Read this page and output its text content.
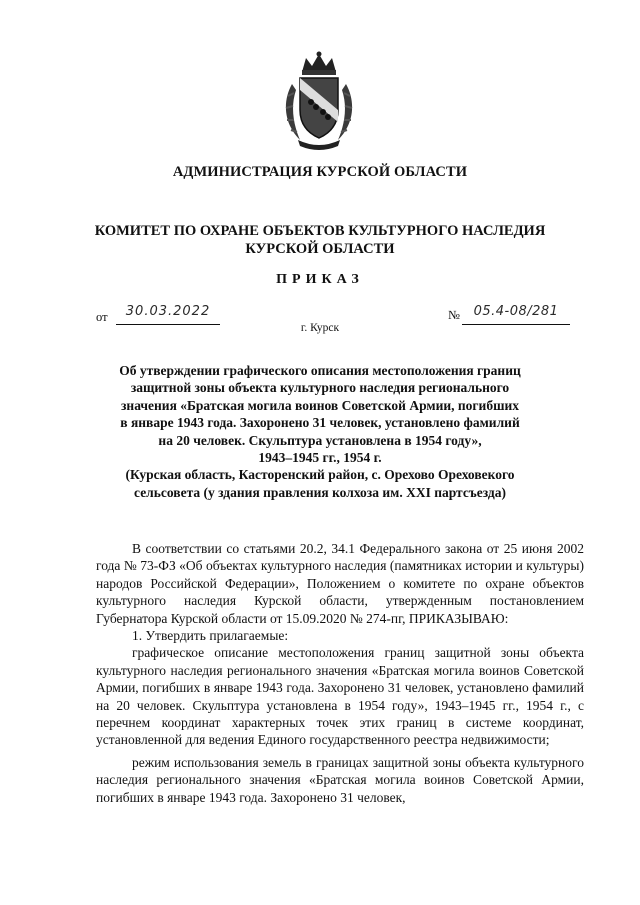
АДМИНИСТРАЦИЯ КУРСКОЙ ОБЛАСТИ
КОМИТЕТ ПО ОХРАНЕ ОБЪЕКТОВ КУЛЬТУРНОГО НАСЛЕДИЯ
КУРСКОЙ ОБЛАСТИ
ПРИКАЗ
от	30.03.2022	№	05.4-08/281
г. Курск
Об утверждении графического описания местоположения границ
защитной зоны объекта культурного наследия регионального
значения «Братская могила воинов Советской Армии, погибших
в январе 1943 года. Захоронено 31 человек, установлено фамилий
на 20 человек. Скульптура установлена в 1954 году»,
1943–1945 гг., 1954 г.
(Курская область, Касторенский район, с. Орехово Ореховекого
сельсовета (у здания правления колхоза им. XXI партсъезда)

В соответствии со статьями 20.2, 34.1 Федерального закона от 25 июня 2002 года № 73-ФЗ «Об объектах культурного наследия (памятниках истории и культуры) народов Российской Федерации», Положением о комитете по охране объектов культурного наследия Курской области, утвержденным постановлением Губернатора Курской области от 15.09.2020 № 274-пг, ПРИКАЗЫВАЮ:

1. Утвердить прилагаемые:

графическое описание местоположения границ защитной зоны объекта культурного наследия регионального значения «Братская могила воинов Советской Армии, погибших в январе 1943 года. Захоронено 31 человек, установлено фамилий на 20 человек. Скульптура установлена в 1954 году», 1943–1945 гг., 1954 г., с перечнем координат характерных точек этих границ в системе координат, установленной для ведения Единого государственного реестра недвижимости;

режим использования земель в границах защитной зоны объекта культурного наследия регионального значения «Братская могила воинов Советской Армии, погибших в январе 1943 года. Захоронено 31 человек,
